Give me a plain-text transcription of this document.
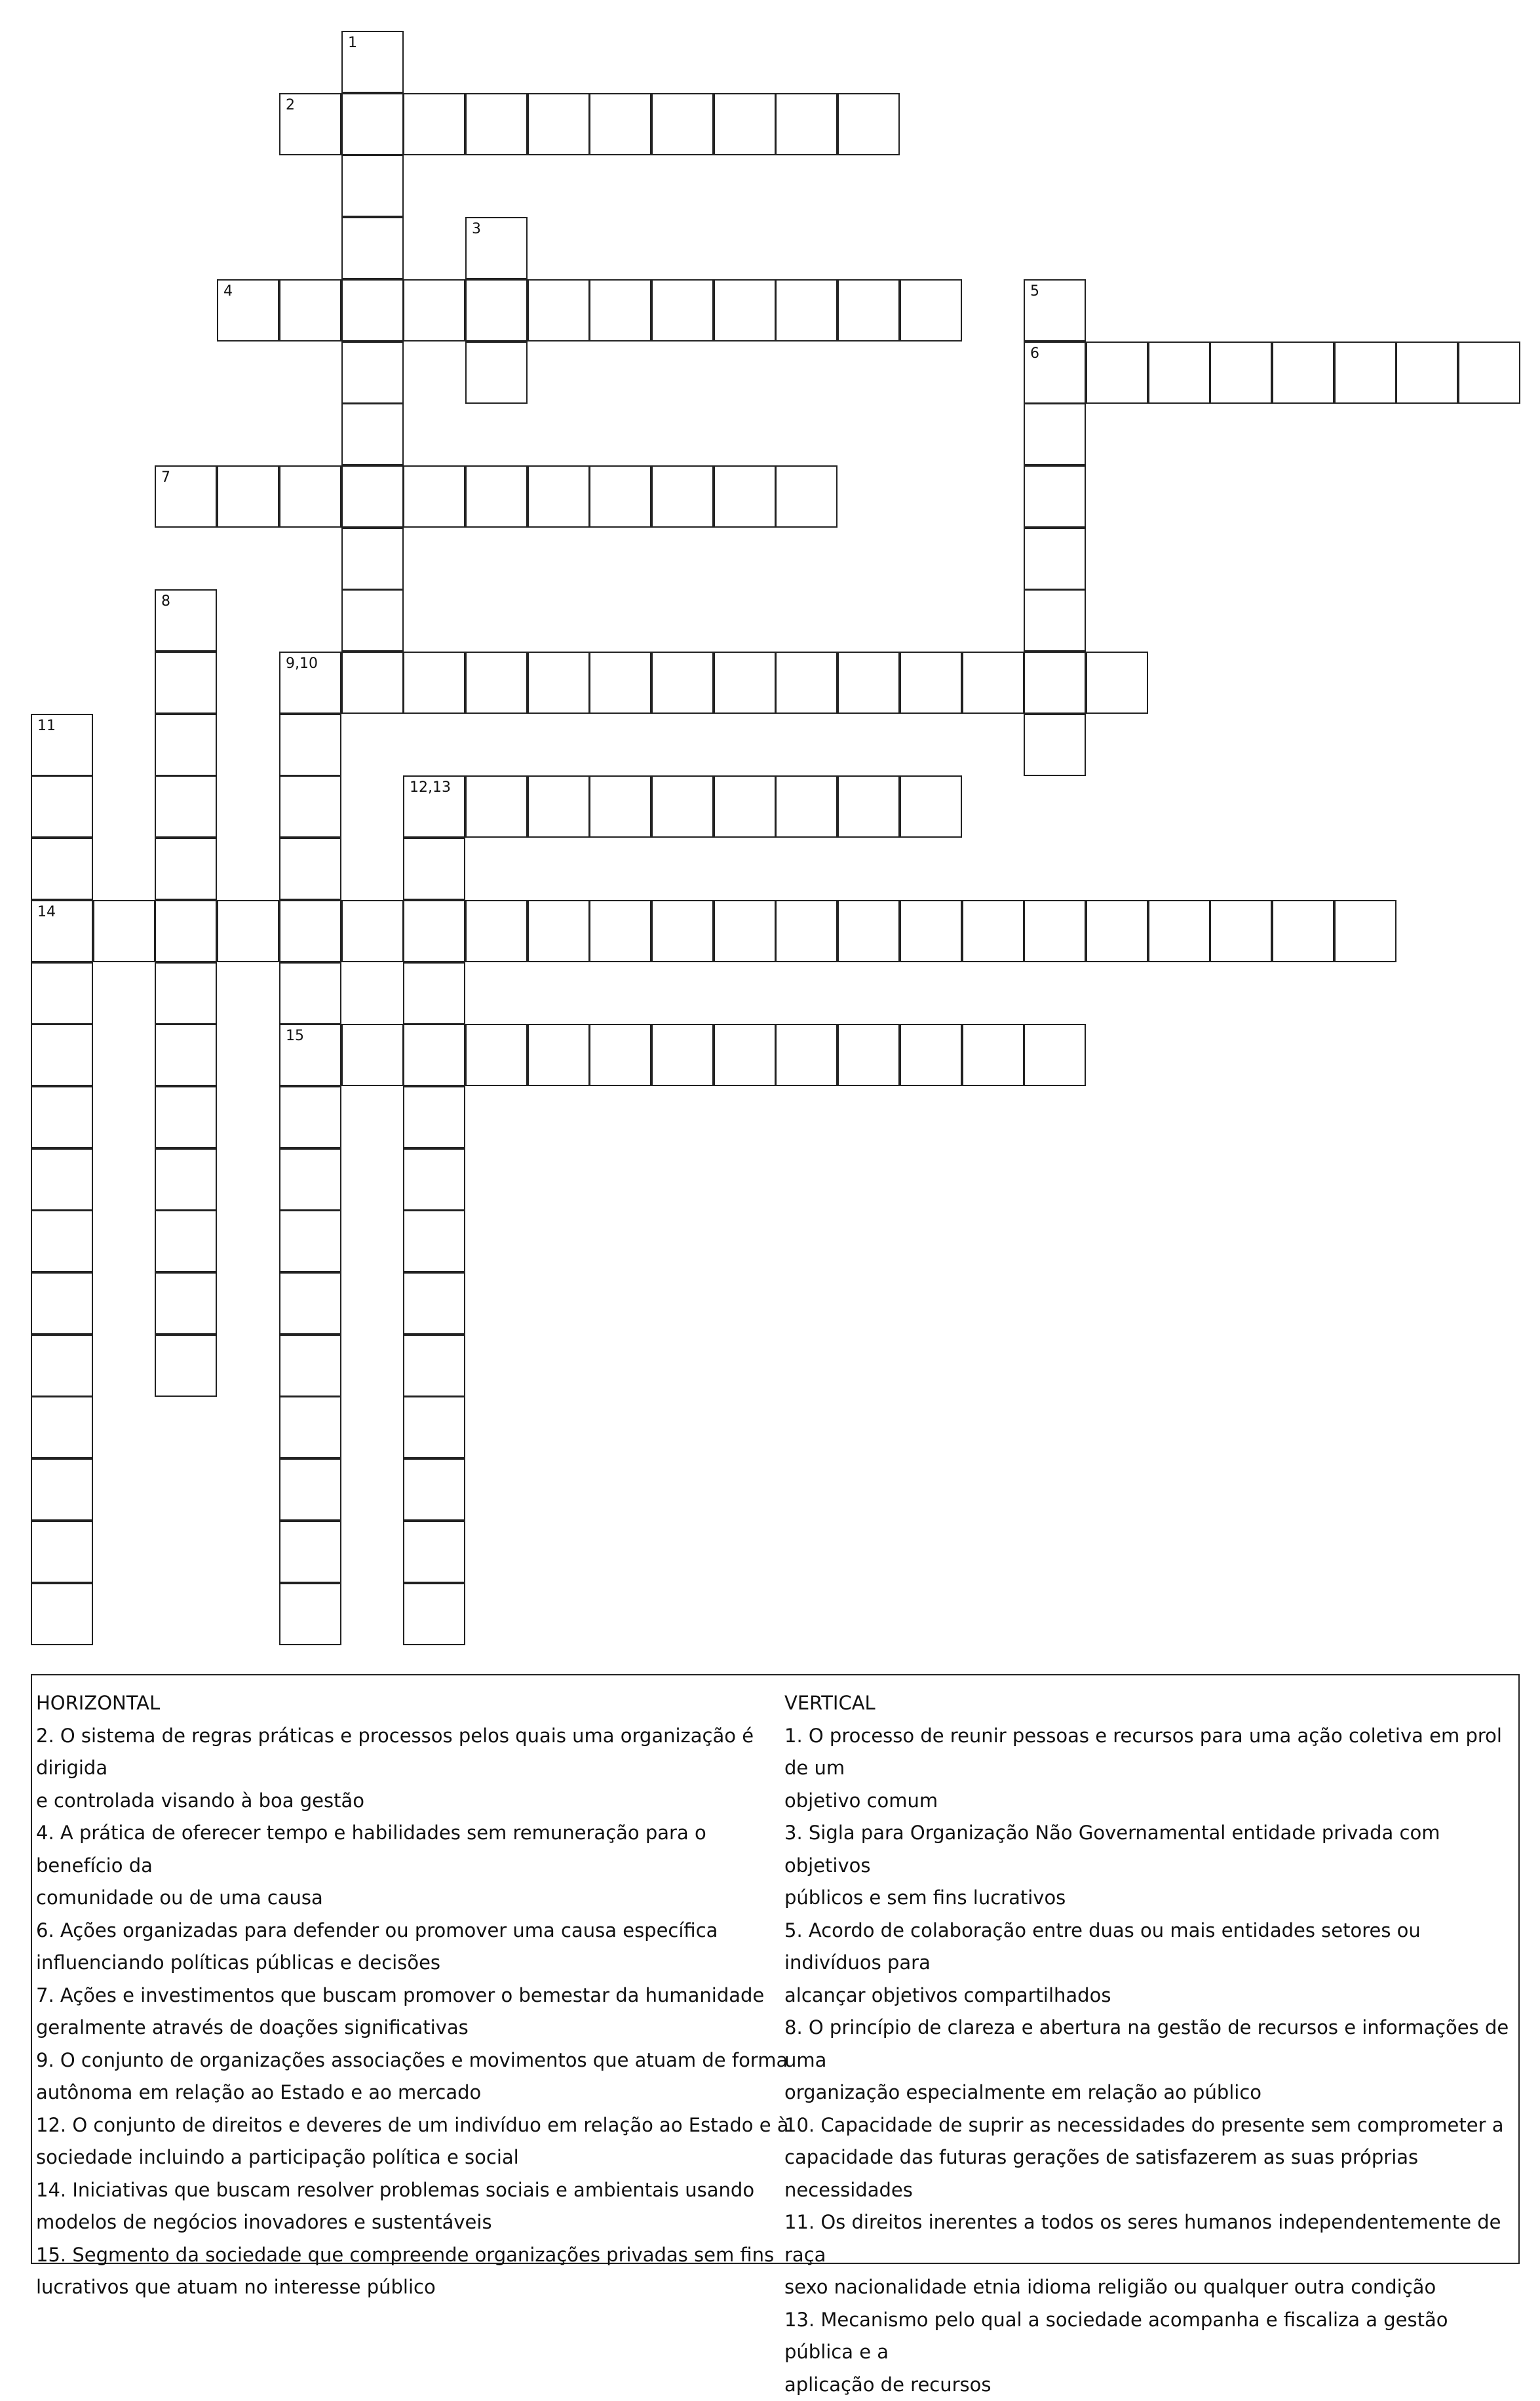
1
2
3
4	5
6
7
8
9,10
15
11
14
12,13

HORIZONTAL

2. O sistema de regras práticas e processos pelos quais uma organização é dirigida

e controlada visando à boa gestão

4. A prática de oferecer tempo e habilidades sem remuneração para o benefício da

comunidade ou de uma causa

6. Ações organizadas para defender ou promover uma causa específica

influenciando políticas públicas e decisões

7. Ações e investimentos que buscam promover o bemestar da humanidade

geralmente através de doações significativas

9. O conjunto de organizações associações e movimentos que atuam de forma

autônoma em relação ao Estado e ao mercado

12. O conjunto de direitos e deveres de um indivíduo em relação ao Estado e à

sociedade incluindo a participação política e social

14. Iniciativas que buscam resolver problemas sociais e ambientais usando

modelos de negócios inovadores e sustentáveis

15. Segmento da sociedade que compreende organizações privadas sem fins

lucrativos que atuam no interesse público

VERTICAL

1. O processo de reunir pessoas e recursos para uma ação coletiva em prol de um

objetivo comum

3. Sigla para Organização Não Governamental entidade privada com objetivos

públicos e sem fins lucrativos

5. Acordo de colaboração entre duas ou mais entidades setores ou indivíduos para

alcançar objetivos compartilhados

8. O princípio de clareza e abertura na gestão de recursos e informações de uma

organização especialmente em relação ao público

10. Capacidade de suprir as necessidades do presente sem comprometer a

capacidade das futuras gerações de satisfazerem as suas próprias necessidades

11. Os direitos inerentes a todos os seres humanos independentemente de raça

sexo nacionalidade etnia idioma religião ou qualquer outra condição

13. Mecanismo pelo qual a sociedade acompanha e fiscaliza a gestão pública e a

aplicação de recursos
